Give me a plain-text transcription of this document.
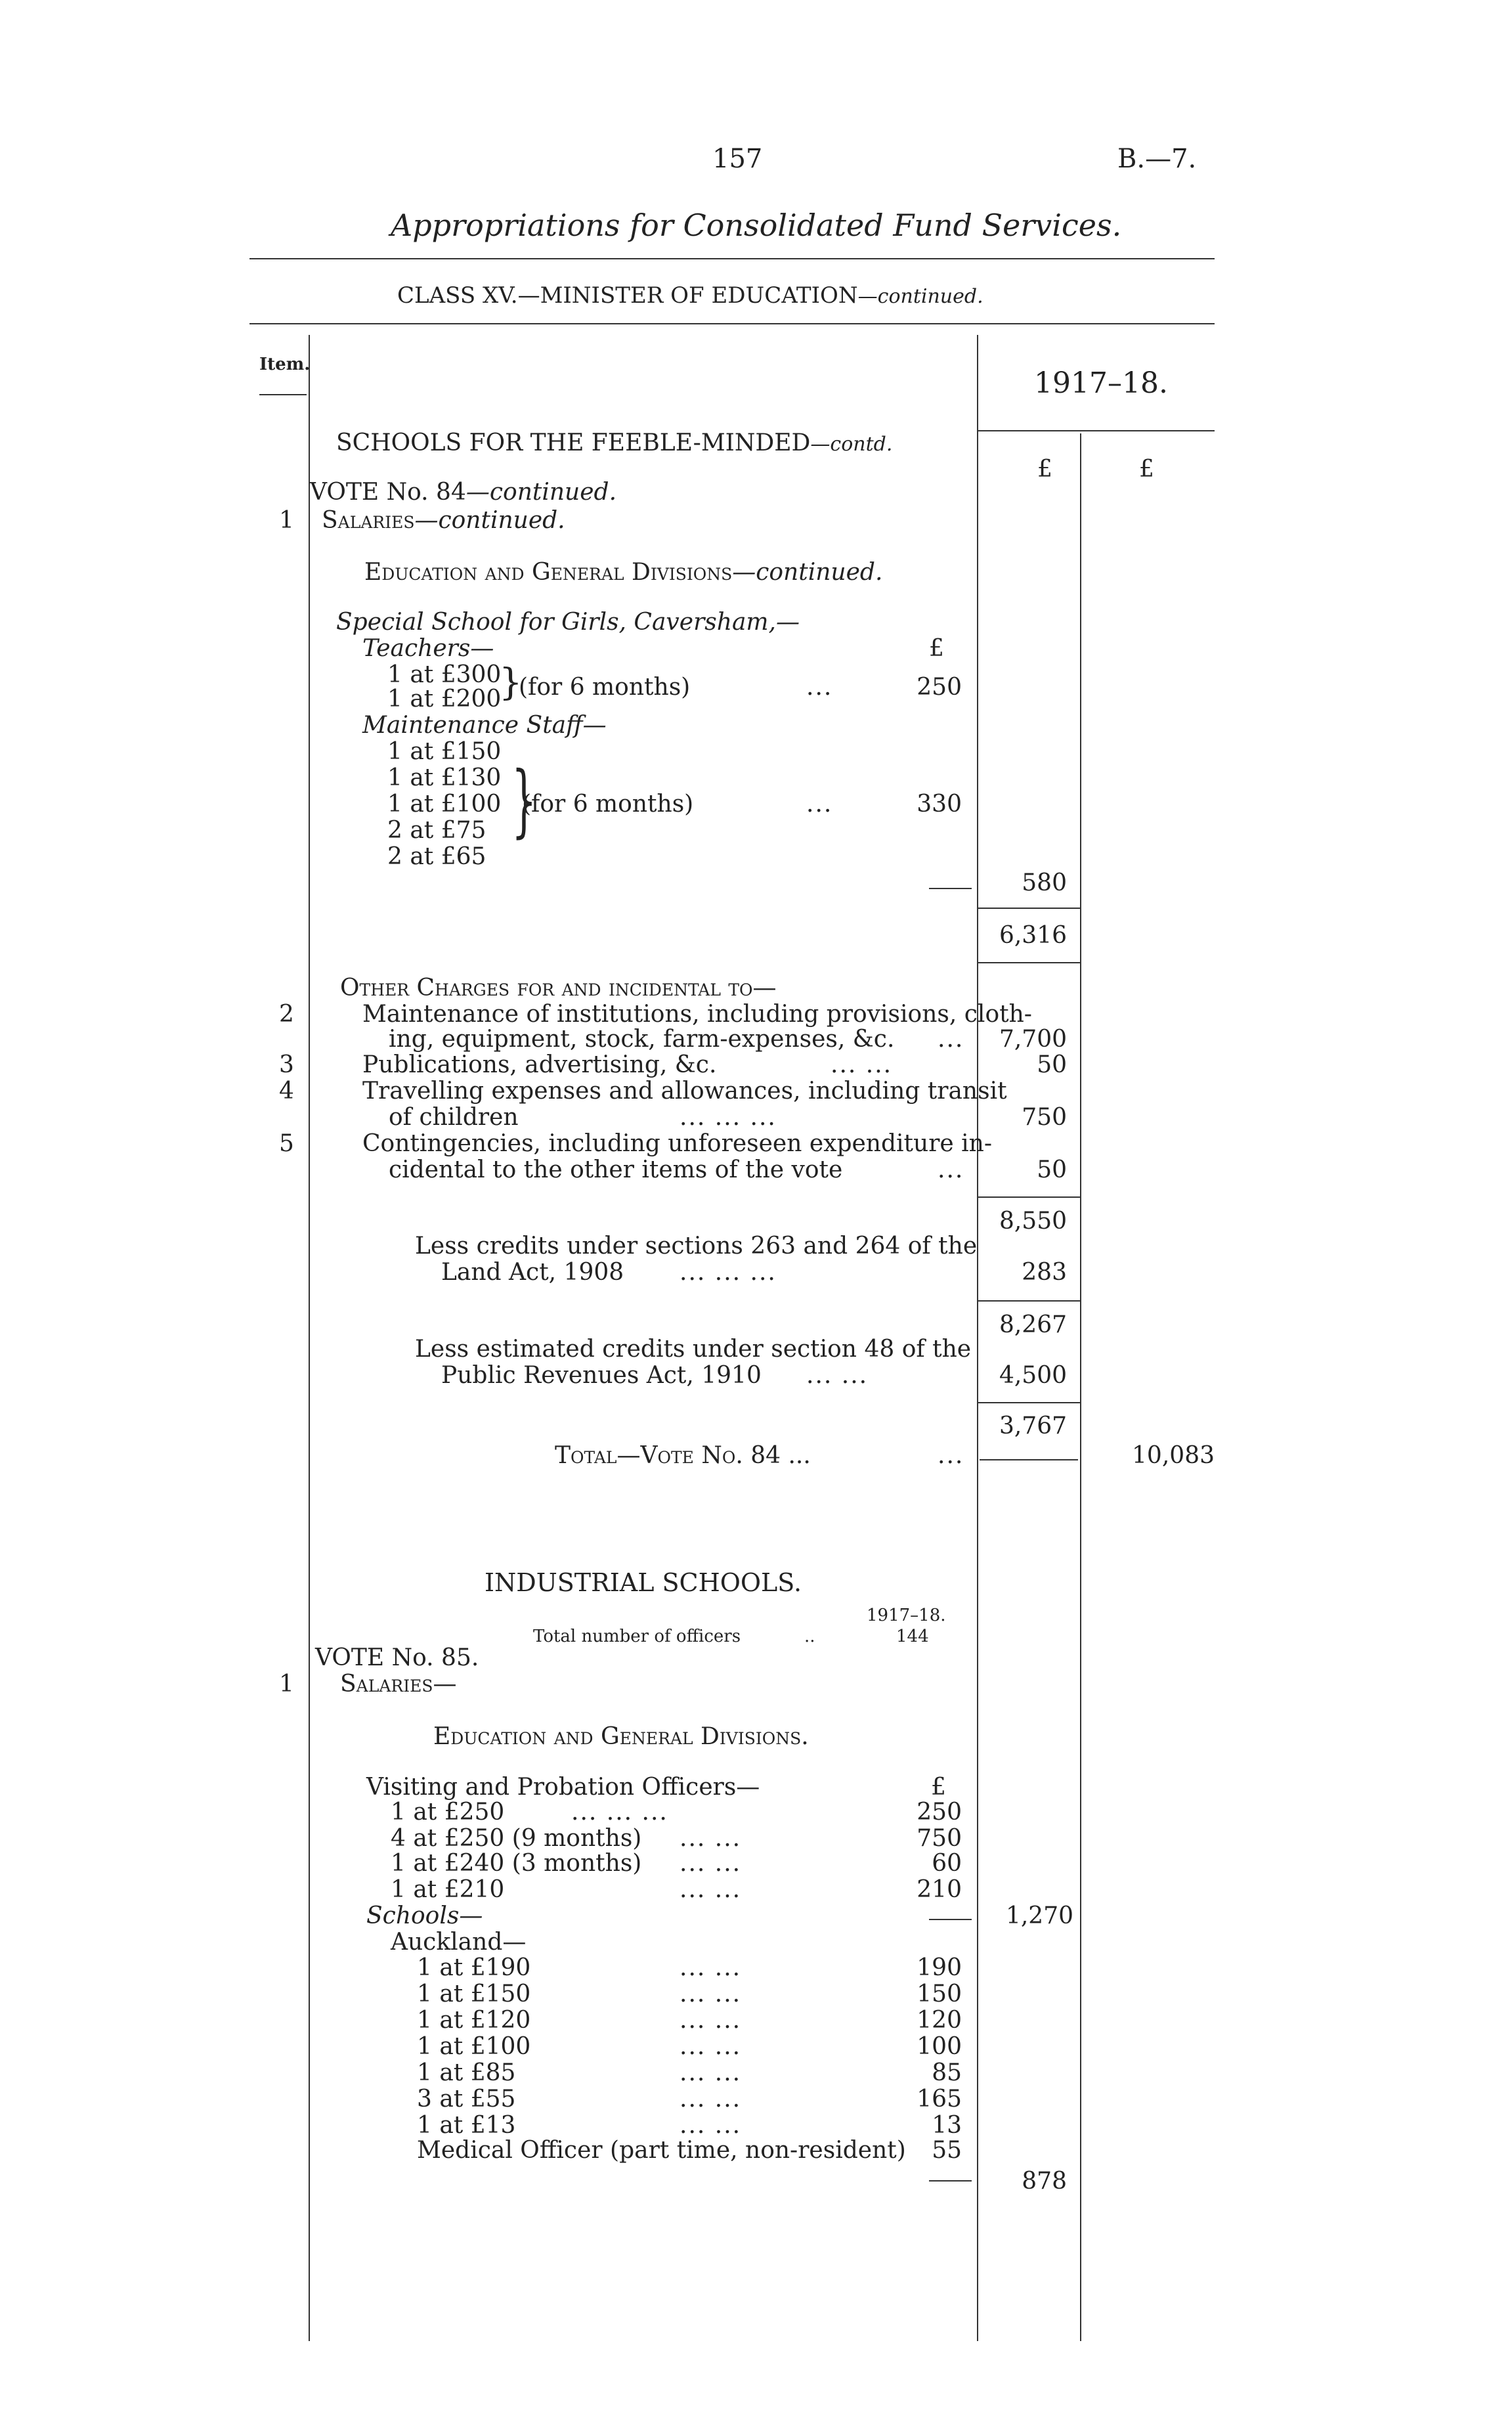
157	B.—7.
Appropriations for Consolidated Fund Services.
CLASS XV.—MINISTER OF EDUCATION—continued.
Item.
1917–18.
SCHOOLS FOR THE FEEBLE-MINDED—contd.
£	£
VOTE No. 84—continued.
1 Salaries—continued.
Education and General Divisions—continued.
Special School for Girls, Caversham,—
Teachers—	£
1 at £300
1 at £200
}
(for 6 months)	...	250
Maintenance Staff—
1 at £150
1 at £130
1 at £100
2 at £75
2 at £65
}
(for 6 months)	...	330
580
6,316
Other Charges for and incidental to—
2	Maintenance of institutions, including provisions, cloth-
ing, equipment, stock, farm-expenses, &c. ...	7,700
3	Publications, advertising, &c.	... ...	50
4	Travelling expenses and allowances, including transit
of children	... ... ...	750
5	Contingencies, including unforeseen expenditure in-
cidental to the other items of the vote	...	50
8,550
Less credits under sections 263 and 264 of the
Land Act, 1908 ... ... ...	283
8,267
Less estimated credits under section 48 of the
Public Revenues Act, 1910 ... ...	4,500
3,767
Total—Vote No. 84 ...	...	10,083
INDUSTRIAL SCHOOLS.
1917–18.
Total number of officers	..	144
VOTE No. 85.
1 Salaries—
Education and General Divisions.
Visiting and Probation Officers—	£
1 at £250	... ... ...	250
4 at £250 (9 months) ... ...	750
1 at £240 (3 months) ... ...	60
1 at £210	... ...	210
Schools—	1,270
Auckland—
1 at £190	... ...	190
1 at £150	... ...	150
1 at £120	... ...	120
1 at £100	... ...	100
1 at £85	... ...	85
3 at £55	... ...	165
1 at £13	... ...	13
Medical Officer (part time, non-resident)	55
878
